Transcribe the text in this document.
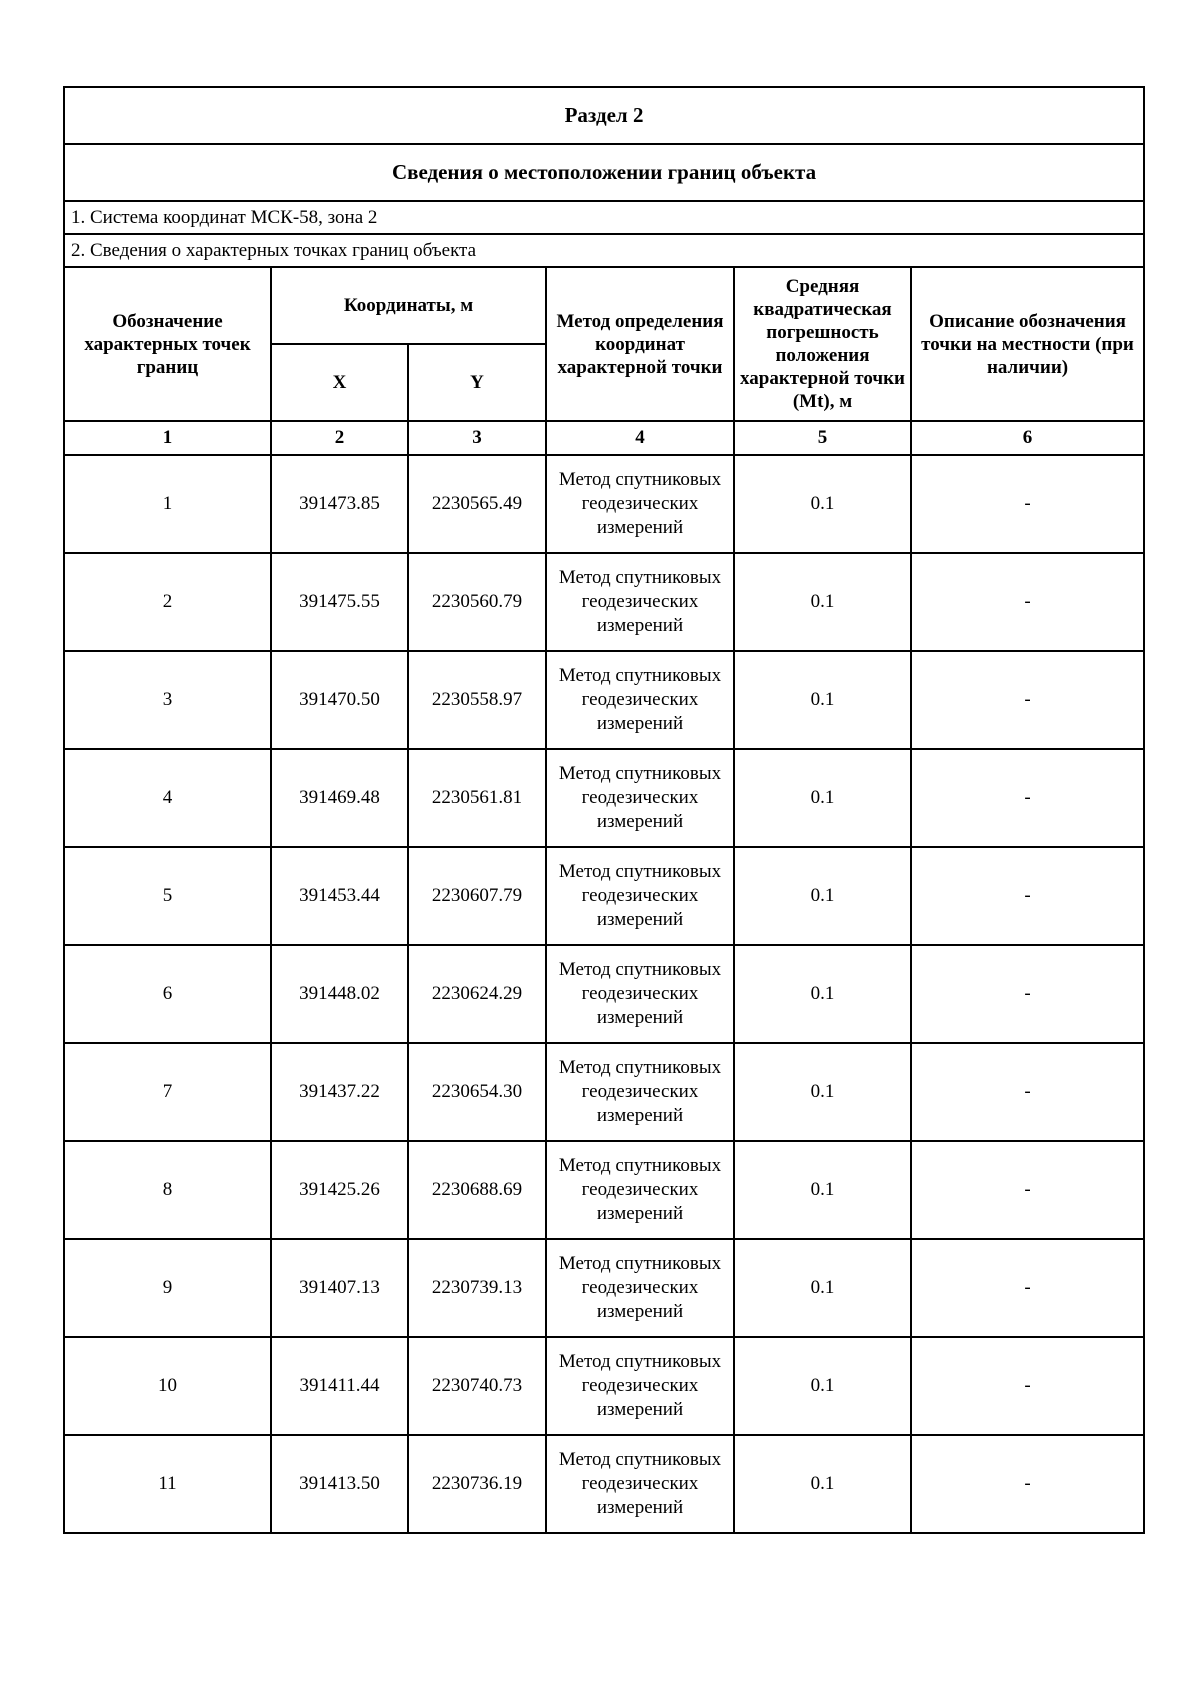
Раздел 2					
Сведения о местоположении границ объекта					
1. Система координат МСК-58, зона 2					
2. Сведения о характерных точках границ объекта					
Обозначение характерных точек границ	Координаты, м		Метод определения координат характерной точки	Средняя квадратическая погрешность положения характерной точки (Mt), м	Описание обозначения точки на местности (при наличии)
	X	Y			
1	2	3	4	5	6
1	391473.85	2230565.49	Метод спутниковых геодезических измерений	0.1	-
2	391475.55	2230560.79	Метод спутниковых геодезических измерений	0.1	-
3	391470.50	2230558.97	Метод спутниковых геодезических измерений	0.1	-
4	391469.48	2230561.81	Метод спутниковых геодезических измерений	0.1	-
5	391453.44	2230607.79	Метод спутниковых геодезических измерений	0.1	-
6	391448.02	2230624.29	Метод спутниковых геодезических измерений	0.1	-
7	391437.22	2230654.30	Метод спутниковых геодезических измерений	0.1	-
8	391425.26	2230688.69	Метод спутниковых геодезических измерений	0.1	-
9	391407.13	2230739.13	Метод спутниковых геодезических измерений	0.1	-
10	391411.44	2230740.73	Метод спутниковых геодезических измерений	0.1	-
11	391413.50	2230736.19	Метод спутниковых геодезических измерений	0.1	-
